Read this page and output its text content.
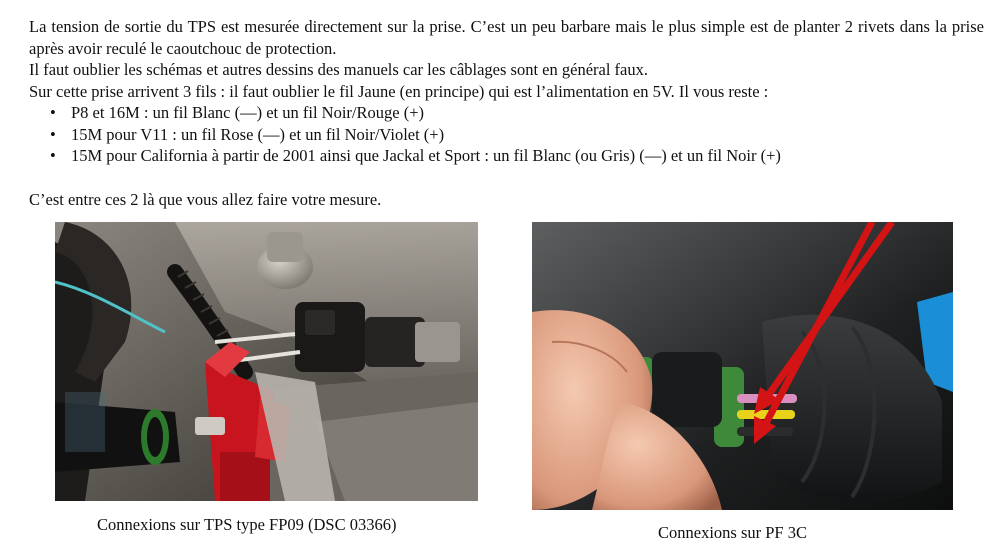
La tension de sortie du TPS est mesurée directement sur la prise. C’est un peu barbare mais le plus simple est de planter 2 rivets dans la prise après avoir reculé le caoutchouc de protection.

Il faut oublier les schémas et autres dessins des manuels car les câblages sont en général faux.

Sur cette prise arrivent 3 fils : il faut oublier le fil Jaune (en principe) qui est l’alimentation en 5V. Il vous reste :

• P8 et 16M : un fil Blanc (—) et un fil Noir/Rouge (+)
• 15M pour V11 : un fil Rose (—) et un fil Noir/Violet (+)
• 15M pour California à partir de 2001 ainsi que Jackal et Sport : un fil Blanc (ou Gris) (—) et un fil Noir (+)

C’est entre ces 2 là que vous allez faire votre mesure.

Connexions sur TPS type FP09 (DSC 03366)	Connexions sur PF 3C
